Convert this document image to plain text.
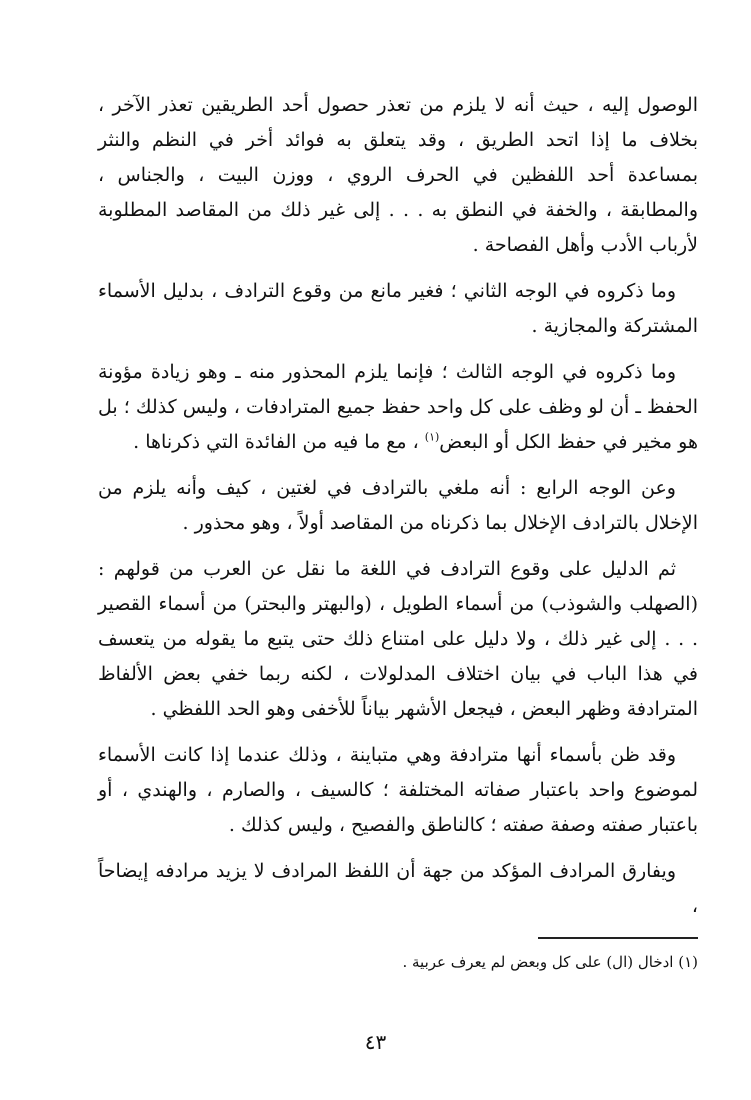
الوصول إليه ، حيث أنه لا يلزم من تعذر حصول أحد الطريقين تعذر الآخر ، بخلاف ما إذا اتحد الطريق ، وقد يتعلق به فوائد أخر في النظم والنثر بمساعدة أحد اللفظين في الحرف الروي ، ووزن البيت ، والجناس ، والمطابقة ، والخفة في النطق به . . . إلى غير ذلك من المقاصد المطلوبة لأرباب الأدب وأهل الفصاحة .

وما ذكروه في الوجه الثاني ؛ فغير مانع من وقوع الترادف ، بدليل الأسماء المشتركة والمجازية .

وما ذكروه في الوجه الثالث ؛ فإنما يلزم المحذور منه ـ وهو زيادة مؤونة الحفظ ـ أن لو وظف على كل واحد حفظ جميع المترادفات ، وليس كذلك ؛ بل هو مخير في حفظ الكل أو البعض$^{(١)}$ ، مع ما فيه من الفائدة التي ذكرناها .

وعن الوجه الرابع : أنه ملغي بالترادف في لغتين ، كيف وأنه يلزم من الإخلال بالترادف الإخلال بما ذكرناه من المقاصد أولاً ، وهو محذور .

ثم الدليل على وقوع الترادف في اللغة ما نقل عن العرب من قولهم : (الصهلب والشوذب) من أسماء الطويل ، (والبهتر والبحتر) من أسماء القصير . . . إلى غير ذلك ، ولا دليل على امتناع ذلك حتى يتبع ما يقوله من يتعسف في هذا الباب في بيان اختلاف المدلولات ، لكنه ربما خفي بعض الألفاظ المترادفة وظهر البعض ، فيجعل الأشهر بياناً للأخفى وهو الحد اللفظي .

وقد ظن بأسماء أنها مترادفة وهي متباينة ، وذلك عندما إذا كانت الأسماء لموضوع واحد باعتبار صفاته المختلفة ؛ كالسيف ، والصارم ، والهندي ، أو باعتبار صفته وصفة صفته ؛ كالناطق والفصيح ، وليس كذلك .

ويفارق المرادف المؤكد من جهة أن اللفظ المرادف لا يزيد مرادفه إيضاحاً ،

(١) ادخال (ال) على كل وبعض لم يعرف عربية .
٤٣
